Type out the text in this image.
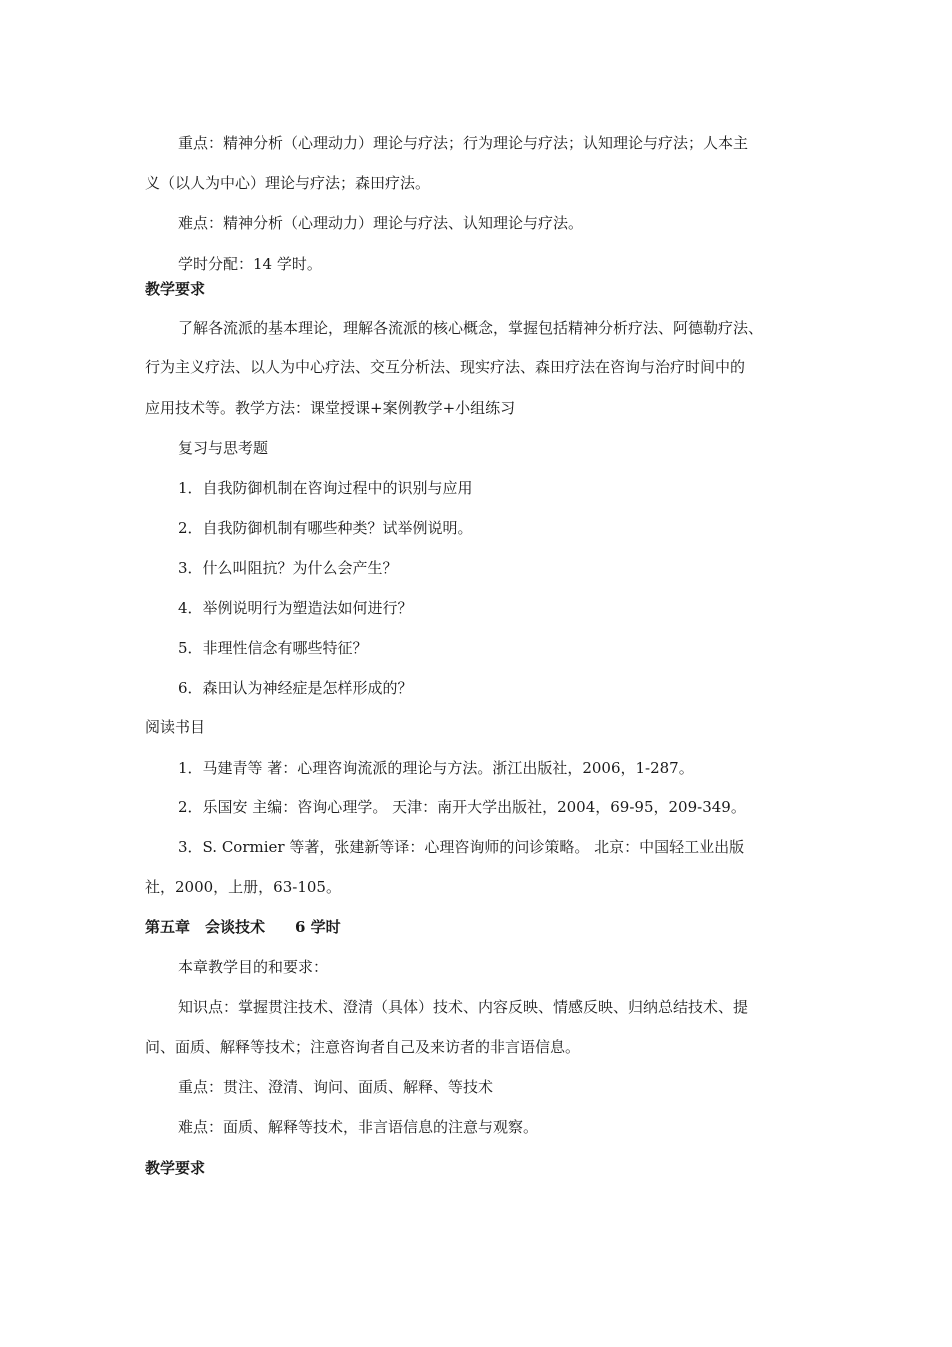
重点：精神分析（心理动力）理论与疗法；行为理论与疗法；认知理论与疗法；人本主
义（以人为中心）理论与疗法；森田疗法。
难点：精神分析（心理动力）理论与疗法、认知理论与疗法。
学时分配：14 学时。
教学要求
了解各流派的基本理论，理解各流派的核心概念，掌握包括精神分析疗法、阿德勒疗法、
行为主义疗法、以人为中心疗法、交互分析法、现实疗法、森田疗法在咨询与治疗时间中的
应用技术等。教学方法：课堂授课+案例教学+小组练习
复习与思考题
1．自我防御机制在咨询过程中的识别与应用
2．自我防御机制有哪些种类？试举例说明。
3．什么叫阻抗？为什么会产生？
4．举例说明行为塑造法如何进行？
5．非理性信念有哪些特征？
6．森田认为神经症是怎样形成的？
阅读书目
1．马建青等 著：心理咨询流派的理论与方法。浙江出版社，2006，1-287。
2．乐国安 主编：咨询心理学。 天津：南开大学出版社，2004，69-95，209-349。
3．S. Cormier 等著，张建新等译：心理咨询师的问诊策略。 北京：中国轻工业出版
社，2000，上册，63-105。
第五章　会谈技术　　6 学时
本章教学目的和要求：
知识点：掌握贯注技术、澄清（具体）技术、内容反映、情感反映、归纳总结技术、提
问、面质、解释等技术；注意咨询者自己及来访者的非言语信息。
重点：贯注、澄清、询问、面质、解释、等技术
难点：面质、解释等技术，非言语信息的注意与观察。
教学要求
